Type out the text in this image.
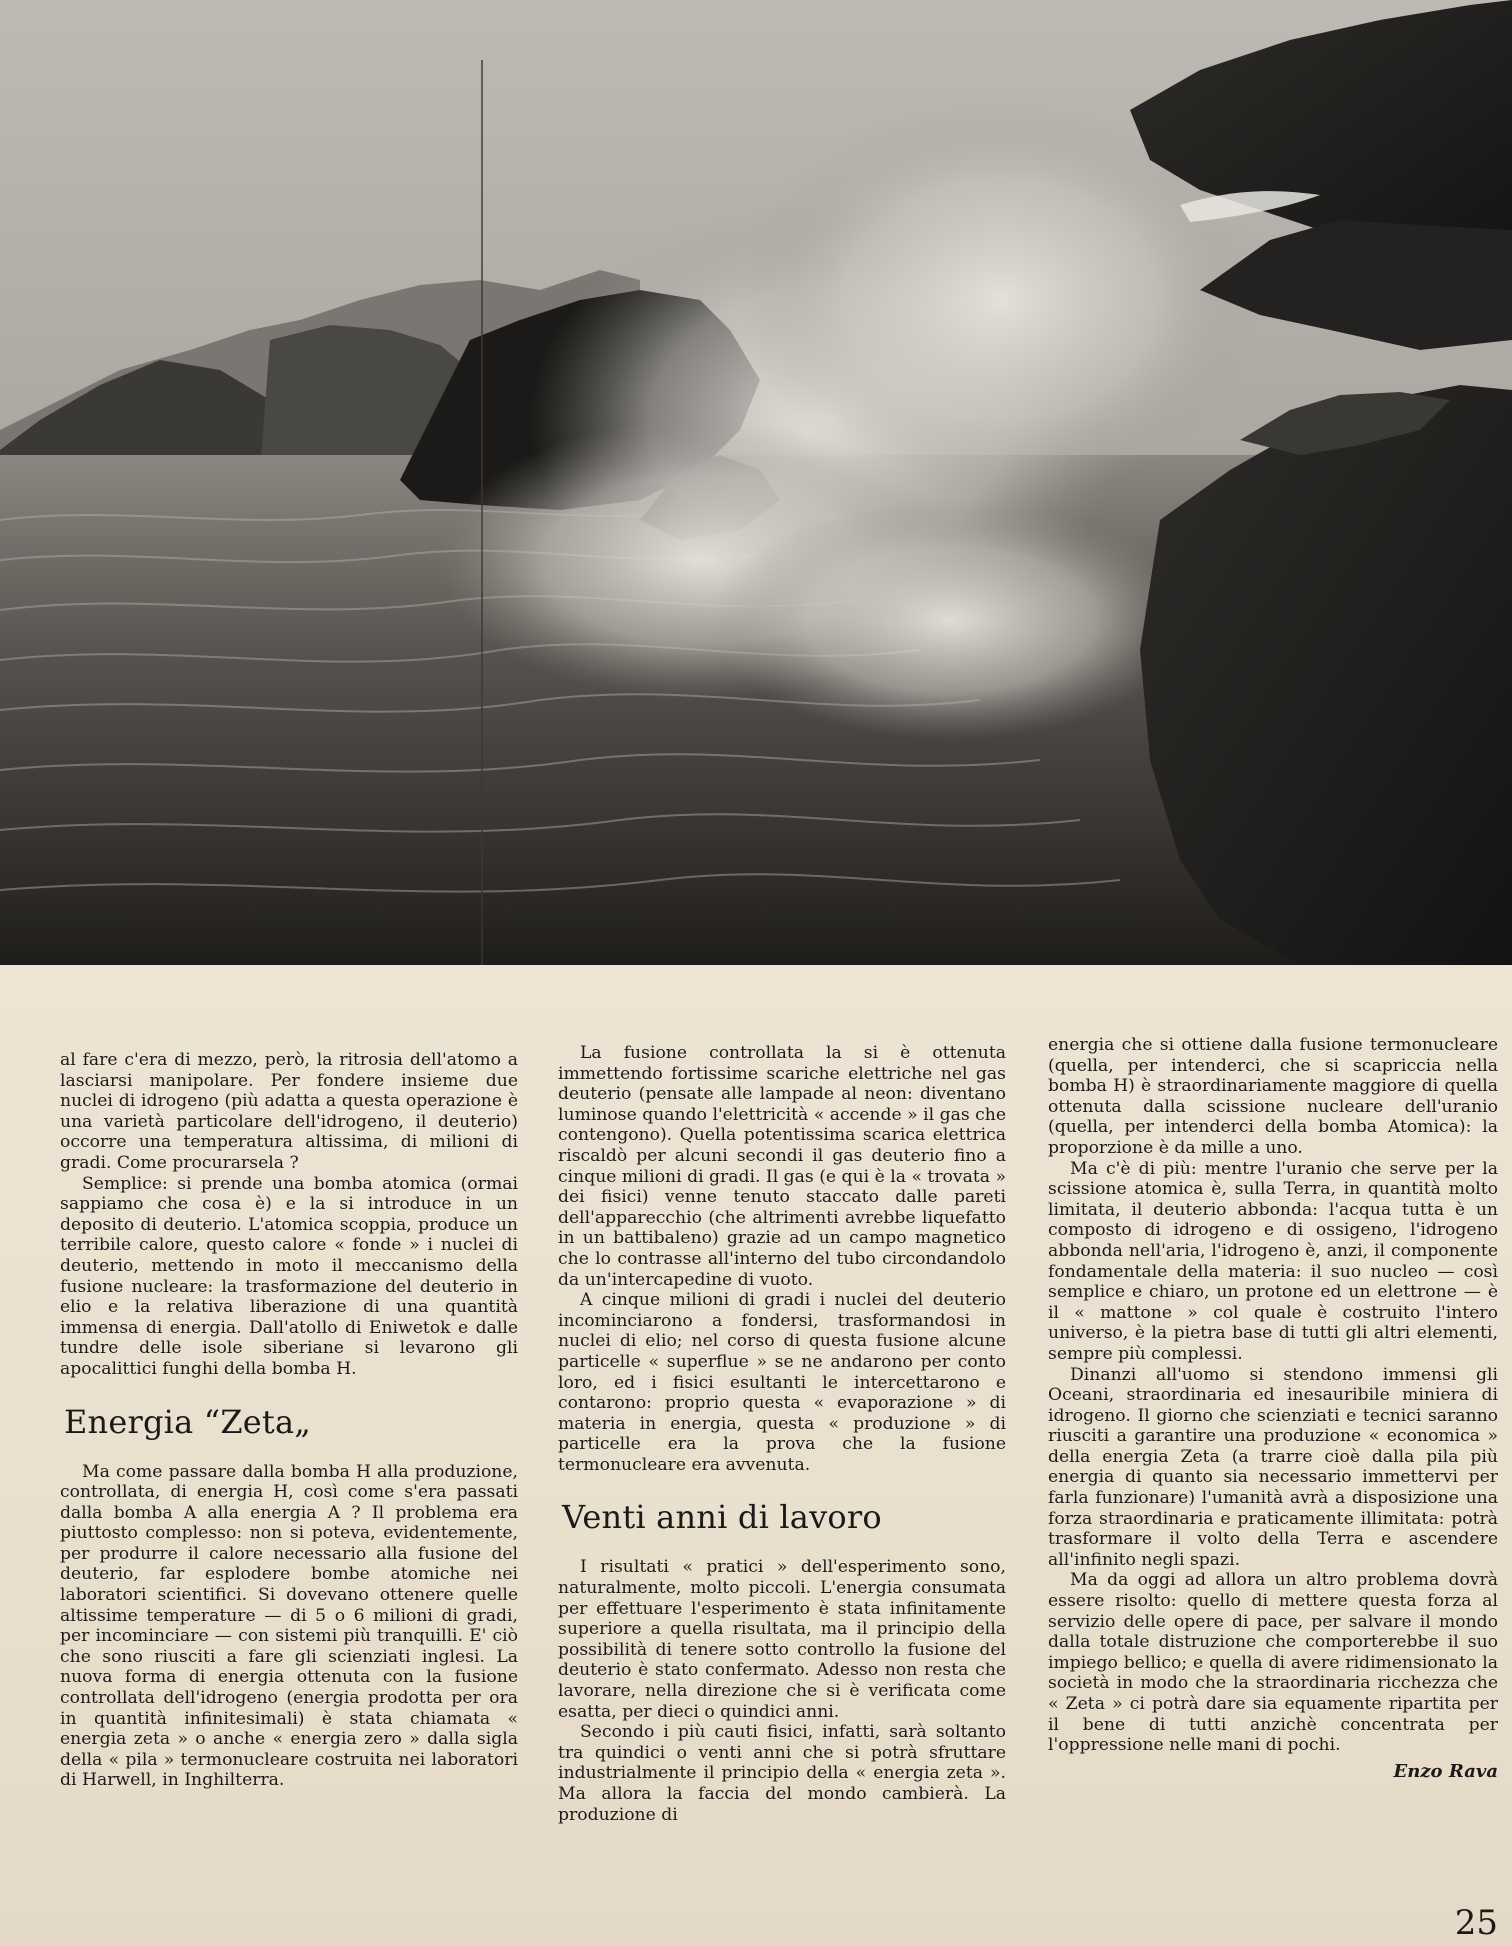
al fare c'era di mezzo, però, la ritrosia dell'atomo a lasciarsi manipolare. Per fondere insieme due nuclei di idrogeno (più adatta a questa operazione è una varietà particolare dell'idrogeno, il deuterio) occorre una temperatura altissima, di milioni di gradi. Come procurarsela ?

Semplice: si prende una bomba atomica (ormai sappiamo che cosa è) e la si introduce in un deposito di deuterio. L'atomica scoppia, produce un terribile calore, questo calore « fonde » i nuclei di deuterio, mettendo in moto il meccanismo della fusione nucleare: la trasformazione del deuterio in elio e la relativa liberazione di una quantità immensa di energia. Dall'atollo di Eniwetok e dalle tundre delle isole siberiane si levarono gli apocalittici funghi della bomba H.

Energia “Zeta„

Ma come passare dalla bomba H alla produzione, controllata, di energia H, così come s'era passati dalla bomba A alla energia A ? Il problema era piuttosto complesso: non si poteva, evidentemente, per produrre il calore necessario alla fusione del deuterio, far esplodere bombe atomiche nei laboratori scientifici. Si dovevano ottenere quelle altissime temperature — di 5 o 6 milioni di gradi, per incominciare — con sistemi più tranquilli. E' ciò che sono riusciti a fare gli scienziati inglesi. La nuova forma di energia ottenuta con la fusione controllata dell'idrogeno (energia prodotta per ora in quantità infinitesimali) è stata chiamata « energia zeta » o anche « energia zero » dalla sigla della « pila » termonucleare costruita nei laboratori di Harwell, in Inghilterra.

La fusione controllata la si è ottenuta immettendo fortissime scariche elettriche nel gas deuterio (pensate alle lampade al neon: diventano luminose quando l'elettricità « accende » il gas che contengono). Quella potentissima scarica elettrica riscaldò per alcuni secondi il gas deuterio fino a cinque milioni di gradi. Il gas (e qui è la « trovata » dei fisici) venne tenuto staccato dalle pareti dell'apparecchio (che altrimenti avrebbe liquefatto in un battibaleno) grazie ad un campo magnetico che lo contrasse all'interno del tubo circondandolo da un'intercapedine di vuoto.

A cinque milioni di gradi i nuclei del deuterio incominciarono a fondersi, trasformandosi in nuclei di elio; nel corso di questa fusione alcune particelle « superflue » se ne andarono per conto loro, ed i fisici esultanti le intercettarono e contarono: proprio questa « evaporazione » di materia in energia, questa « produzione » di particelle era la prova che la fusione termonucleare era avvenuta.

Venti anni di lavoro

I risultati « pratici » dell'esperimento sono, naturalmente, molto piccoli. L'energia consumata per effettuare l'esperimento è stata infinitamente superiore a quella risultata, ma il principio della possibilità di tenere sotto controllo la fusione del deuterio è stato confermato. Adesso non resta che lavorare, nella direzione che si è verificata come esatta, per dieci o quindici anni.

Secondo i più cauti fisici, infatti, sarà soltanto tra quindici o venti anni che si potrà sfruttare industrialmente il principio della « energia zeta ». Ma allora la faccia del mondo cambierà. La produzione di

energia che si ottiene dalla fusione termonucleare (quella, per intenderci, che si scapriccia nella bomba H) è straordinariamente maggiore di quella ottenuta dalla scissione nucleare dell'uranio (quella, per intenderci della bomba Atomica): la proporzione è da mille a uno.

Ma c'è di più: mentre l'uranio che serve per la scissione atomica è, sulla Terra, in quantità molto limitata, il deuterio abbonda: l'acqua tutta è un composto di idrogeno e di ossigeno, l'idrogeno abbonda nell'aria, l'idrogeno è, anzi, il componente fondamentale della materia: il suo nucleo — così semplice e chiaro, un protone ed un elettrone — è il « mattone » col quale è costruito l'intero universo, è la pietra base di tutti gli altri elementi, sempre più complessi.

Dinanzi all'uomo si stendono immensi gli Oceani, straordinaria ed inesauribile miniera di idrogeno. Il giorno che scienziati e tecnici saranno riusciti a garantire una produzione « economica » della energia Zeta (a trarre cioè dalla pila più energia di quanto sia necessario immettervi per farla funzionare) l'umanità avrà a disposizione una forza straordinaria e praticamente illimitata: potrà trasformare il volto della Terra e ascendere all'infinito negli spazi.

Ma da oggi ad allora un altro problema dovrà essere risolto: quello di mettere questa forza al servizio delle opere di pace, per salvare il mondo dalla totale distruzione che comporterebbe il suo impiego bellico; e quella di avere ridimensionato la società in modo che la straordinaria ricchezza che « Zeta » ci potrà dare sia equamente ripartita per il bene di tutti anzichè concentrata per l'oppressione nelle mani di pochi.

Enzo Rava
25
